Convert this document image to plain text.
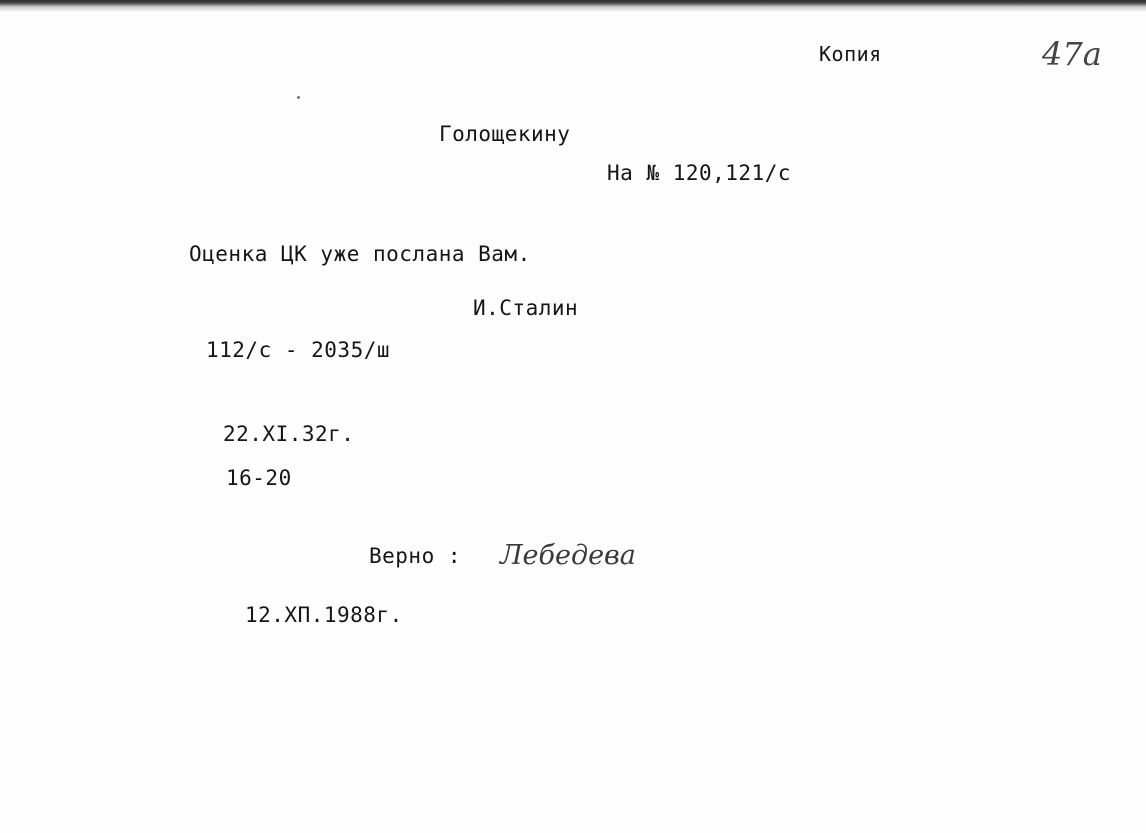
Копия	47а
Голощекину
На № 120,121/с
Оценка ЦК уже послана Вам.
И.Сталин
112/с - 2035/ш
22.XI.32г.
16-20
Верно : Лебедева
12.ХП.1988г.
